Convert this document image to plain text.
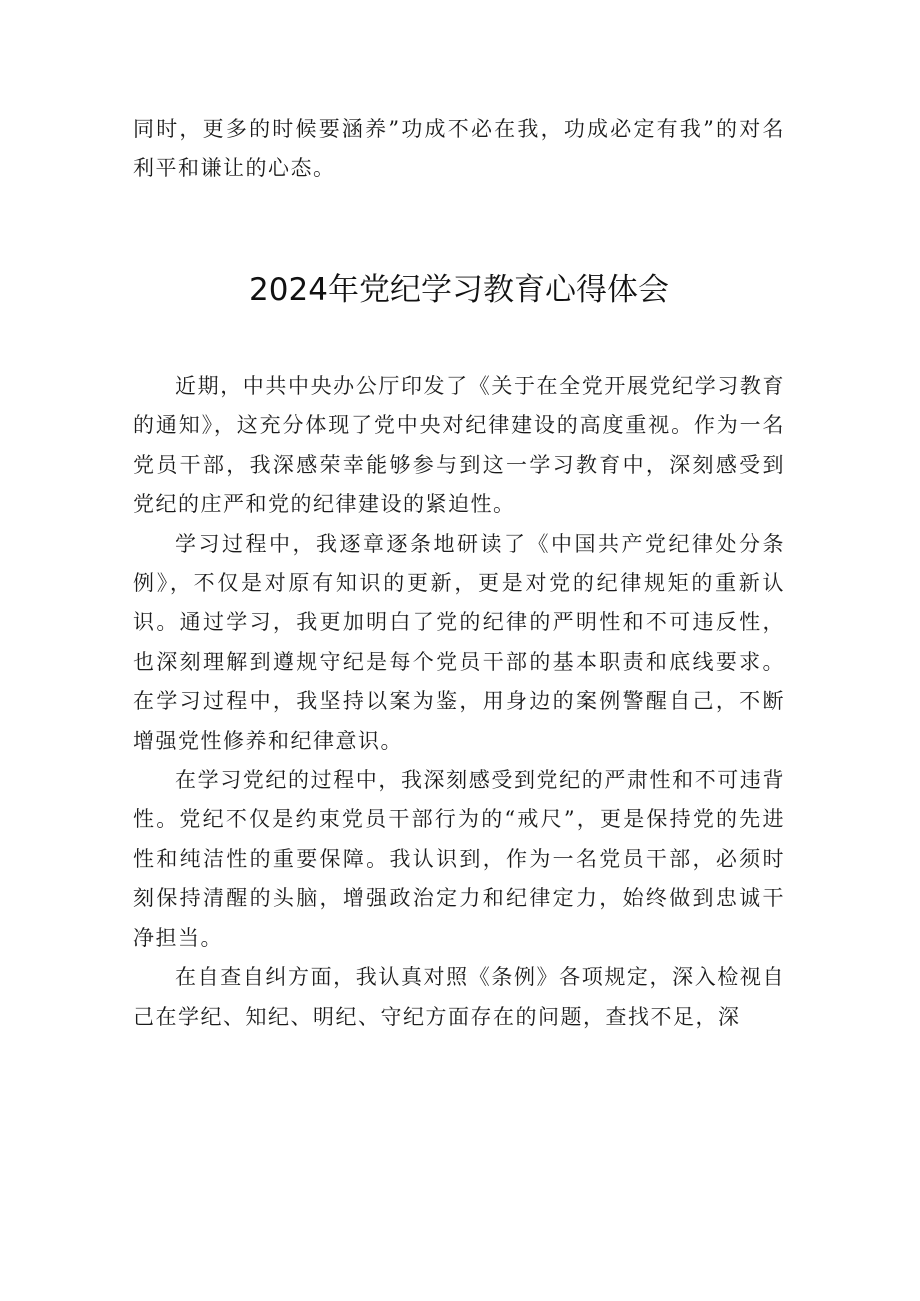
同时，更多的时候要涵养”功成不必在我，功成必定有我”的对名利平和谦让的心态。

2024年党纪学习教育心得体会

近期，中共中央办公厅印发了《关于在全党开展党纪学习教育的通知》，这充分体现了党中央对纪律建设的高度重视。作为一名党员干部，我深感荣幸能够参与到这一学习教育中，深刻感受到党纪的庄严和党的纪律建设的紧迫性。

学习过程中，我逐章逐条地研读了《中国共产党纪律处分条例》，不仅是对原有知识的更新，更是对党的纪律规矩的重新认识。通过学习，我更加明白了党的纪律的严明性和不可违反性，也深刻理解到遵规守纪是每个党员干部的基本职责和底线要求。在学习过程中，我坚持以案为鉴，用身边的案例警醒自己，不断增强党性修养和纪律意识。

在学习党纪的过程中，我深刻感受到党纪的严肃性和不可违背性。党纪不仅是约束党员干部行为的“戒尺”，更是保持党的先进性和纯洁性的重要保障。我认识到，作为一名党员干部，必须时刻保持清醒的头脑，增强政治定力和纪律定力，始终做到忠诚干净担当。

在自查自纠方面，我认真对照《条例》各项规定，深入检视自己在学纪、知纪、明纪、守纪方面存在的问题，查找不足，深
